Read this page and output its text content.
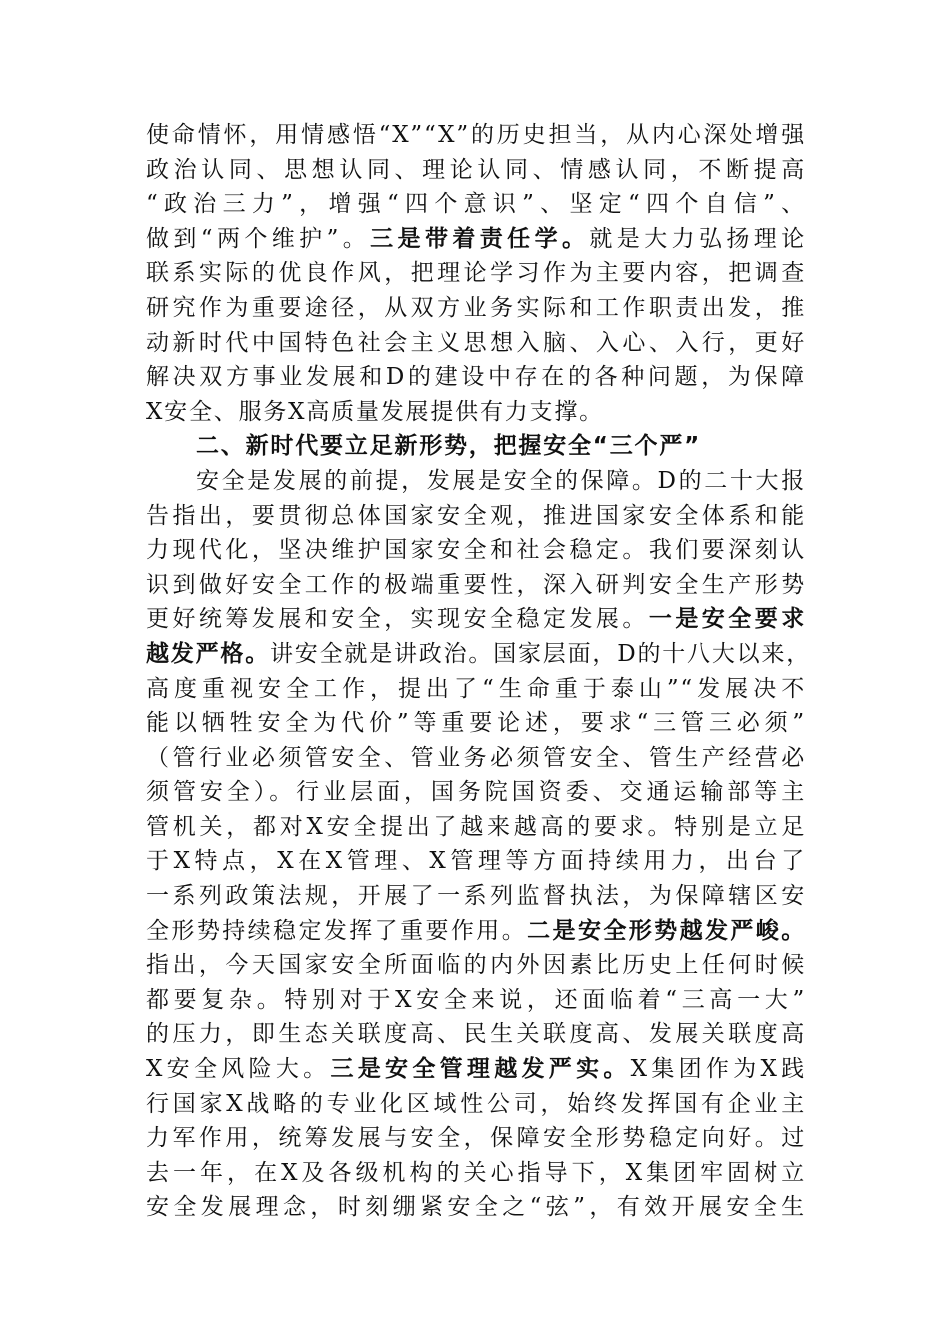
使命情怀，用情感悟“X”“X”的历史担当，从内心深处增强
政治认同、思想认同、理论认同、情感认同，不断提高
“政治三力”，增强“四个意识”、坚定“四个自信”、
做到“两个维护”。三是带着责任学。就是大力弘扬理论
联系实际的优良作风，把理论学习作为主要内容，把调查
研究作为重要途径，从双方业务实际和工作职责出发，推
动新时代中国特色社会主义思想入脑、入心、入行，更好
解决双方事业发展和D的建设中存在的各种问题，为保障
X安全、服务X高质量发展提供有力支撑。
二、新时代要立足新形势，把握安全“三个严”
安全是发展的前提，发展是安全的保障。D的二十大报
告指出，要贯彻总体国家安全观，推进国家安全体系和能
力现代化，坚决维护国家安全和社会稳定。我们要深刻认
识到做好安全工作的极端重要性，深入研判安全生产形势
更好统筹发展和安全，实现安全稳定发展。一是安全要求
越发严格。讲安全就是讲政治。国家层面，D的十八大以来，
高度重视安全工作，提出了“生命重于泰山”“发展决不
能以牺牲安全为代价”等重要论述，要求“三管三必须”
（管行业必须管安全、管业务必须管安全、管生产经营必
须管安全）。行业层面，国务院国资委、交通运输部等主
管机关，都对X安全提出了越来越高的要求。特别是立足
于X特点，X在X管理、X管理等方面持续用力，出台了
一系列政策法规，开展了一系列监督执法，为保障辖区安
全形势持续稳定发挥了重要作用。二是安全形势越发严峻。
指出，今天国家安全所面临的内外因素比历史上任何时候
都要复杂。特别对于X安全来说，还面临着“三高一大”
的压力，即生态关联度高、民生关联度高、发展关联度高
X安全风险大。三是安全管理越发严实。X集团作为X践
行国家X战略的专业化区域性公司，始终发挥国有企业主
力军作用，统筹发展与安全，保障安全形势稳定向好。过
去一年，在X及各级机构的关心指导下，X集团牢固树立
安全发展理念，时刻绷紧安全之“弦”，有效开展安全生
